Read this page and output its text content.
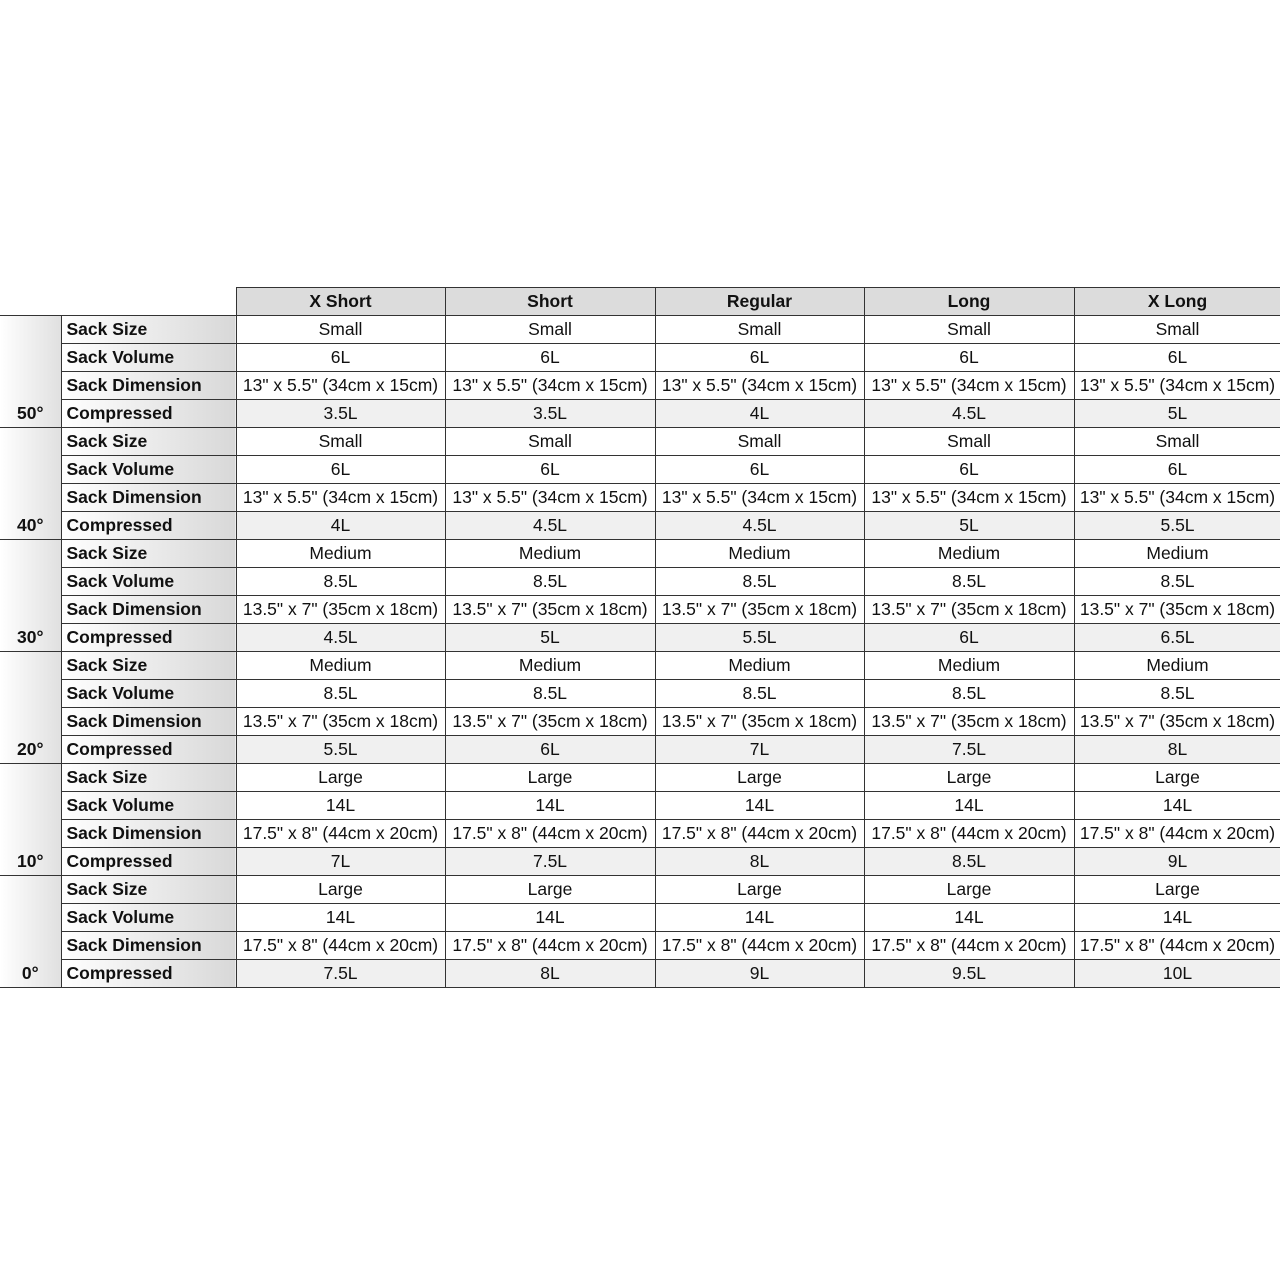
		X Short	Short	Regular	Long	X Long
50°	Sack Size	Small	Small	Small	Small	Small
	Sack Volume	6L	6L	6L	6L	6L
	Sack Dimension	13" x 5.5" (34cm x 15cm)	13" x 5.5" (34cm x 15cm)	13" x 5.5" (34cm x 15cm)	13" x 5.5" (34cm x 15cm)	13" x 5.5" (34cm x 15cm)
	Compressed	3.5L	3.5L	4L	4.5L	5L
40°	Sack Size	Small	Small	Small	Small	Small
	Sack Volume	6L	6L	6L	6L	6L
	Sack Dimension	13" x 5.5" (34cm x 15cm)	13" x 5.5" (34cm x 15cm)	13" x 5.5" (34cm x 15cm)	13" x 5.5" (34cm x 15cm)	13" x 5.5" (34cm x 15cm)
	Compressed	4L	4.5L	4.5L	5L	5.5L
30°	Sack Size	Medium	Medium	Medium	Medium	Medium
	Sack Volume	8.5L	8.5L	8.5L	8.5L	8.5L
	Sack Dimension	13.5" x 7" (35cm x 18cm)	13.5" x 7" (35cm x 18cm)	13.5" x 7" (35cm x 18cm)	13.5" x 7" (35cm x 18cm)	13.5" x 7" (35cm x 18cm)
	Compressed	4.5L	5L	5.5L	6L	6.5L
20°	Sack Size	Medium	Medium	Medium	Medium	Medium
	Sack Volume	8.5L	8.5L	8.5L	8.5L	8.5L
	Sack Dimension	13.5" x 7" (35cm x 18cm)	13.5" x 7" (35cm x 18cm)	13.5" x 7" (35cm x 18cm)	13.5" x 7" (35cm x 18cm)	13.5" x 7" (35cm x 18cm)
	Compressed	5.5L	6L	7L	7.5L	8L
10°	Sack Size	Large	Large	Large	Large	Large
	Sack Volume	14L	14L	14L	14L	14L
	Sack Dimension	17.5" x 8" (44cm x 20cm)	17.5" x 8" (44cm x 20cm)	17.5" x 8" (44cm x 20cm)	17.5" x 8" (44cm x 20cm)	17.5" x 8" (44cm x 20cm)
	Compressed	7L	7.5L	8L	8.5L	9L
0°	Sack Size	Large	Large	Large	Large	Large
	Sack Volume	14L	14L	14L	14L	14L
	Sack Dimension	17.5" x 8" (44cm x 20cm)	17.5" x 8" (44cm x 20cm)	17.5" x 8" (44cm x 20cm)	17.5" x 8" (44cm x 20cm)	17.5" x 8" (44cm x 20cm)
	Compressed	7.5L	8L	9L	9.5L	10L
